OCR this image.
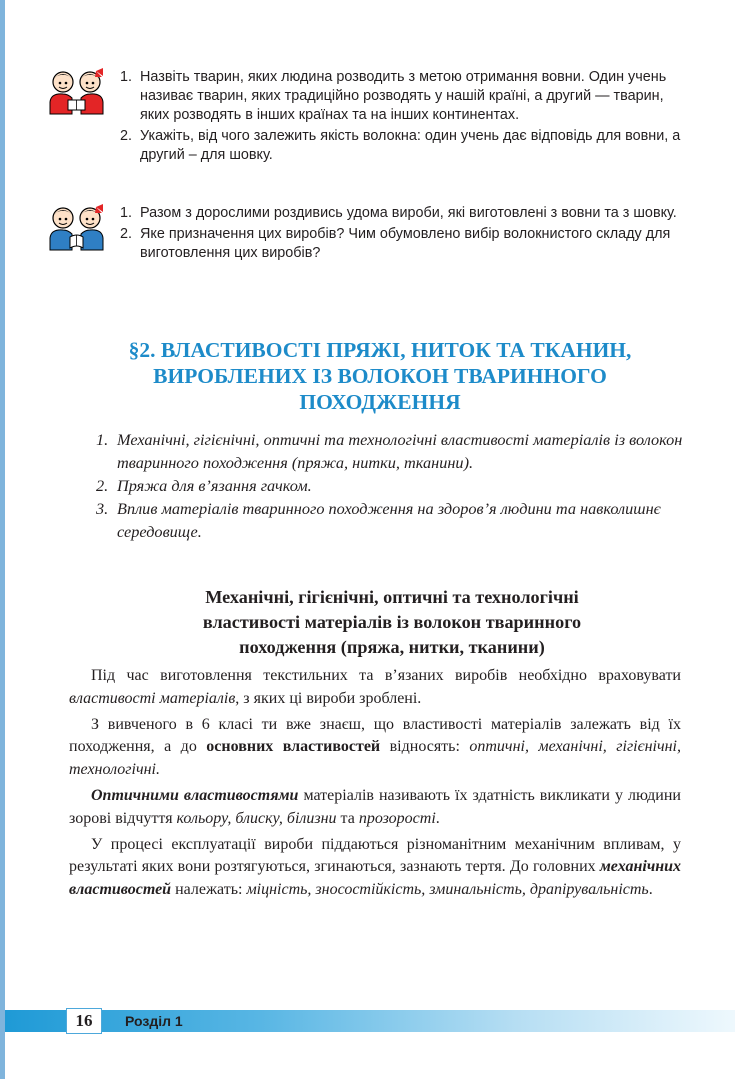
1. Назвіть тварин, яких людина розводить з метою отримання вовни. Один учень називає тварин, яких традиційно розводять у нашій країні, а другий — тварин, яких розводять в інших країнах та на інших континентах.
2. Укажіть, від чого залежить якість волокна: один учень дає відповідь для вовни, а другий – для шовку.
1. Разом з дорослими роздивись удома вироби, які виготовлені з вовни та з шовку.
2. Яке призначення цих виробів? Чим обумовлено вибір волокнистого складу для виготовлення цих виробів?
§2. ВЛАСТИВОСТІ ПРЯЖІ, НИТОК ТА ТКАНИН,
ВИРОБЛЕНИХ ІЗ ВОЛОКОН ТВАРИННОГО
ПОХОДЖЕННЯ
1. Механічні, гігієнічні, оптичні та технологічні властивості матеріалів із волокон тваринного походження (пряжа, нитки, тканини).
2. Пряжа для в’язання гачком.
3. Вплив матеріалів тваринного походження на здоров’я людини та навколишнє середовище.
Механічні, гігієнічні, оптичні та технологічні
властивості матеріалів із волокон тваринного
походження (пряжа, нитки, тканини)

Під час виготовлення текстильних та в’язаних виробів необхідно враховувати властивості матеріалів, з яких ці вироби зроблені.

З вивченого в 6 класі ти вже знаєш, що властивості матеріалів залежать від їх походження, а до основних властивостей відносять: оптичні, механічні, гігієнічні, технологічні.

Оптичними властивостями матеріалів називають їх здатність викликати у людини зорові відчуття кольору, блиску, білизни та прозорості.

У процесі експлуатації вироби піддаються різноманітним механічним впливам, у результаті яких вони розтягуються, згинаються, зазнають тертя. До головних механічних властивостей належать: міцність, зносостійкість, зминальність, драпірувальність.

16	Розділ 1
